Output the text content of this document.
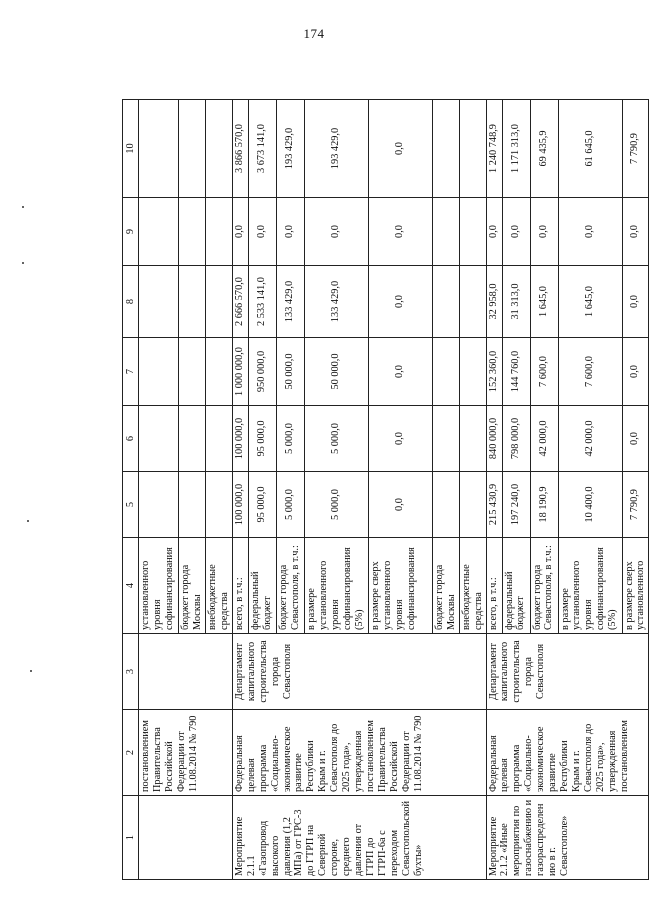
174
1	2	3	4	5	6	7	8	9	10
	постановлением Правительства Российской Федерации от 11.08.2014 № 790		установленного уровня софинансирования						
			бюджет города Москвы						
			внебюджетные средства						
Мероприятие 2.1.1 «Газопровод высокого давления (1,2 МПа) от ГРС-3 до ГТРП на Северной стороне, среднего давления от ГТРП до ГТРП-6а с переходом Севастопольской бухты»	Федеральная целевая программа «Социально-экономическое развитие Республики Крым и г. Севастополя до 2025 года», утвержденная постановлением Правительства Российской Федерации от 11.08.2014 № 790	Департамент капитального строительства города Севастополя	всего, в т.ч.:	100 000,0	100 000,0	1 000 000,0	2 666 570,0	0,0	3 866 570,0
			федеральный бюджет	95 000,0	95 000,0	950 000,0	2 533 141,0	0,0	3 673 141,0
			бюджет города Севастополя, в т.ч.:	5 000,0	5 000,0	50 000,0	133 429,0	0,0	193 429,0
			в размере установленного уровня софинансирования (5%)	5 000,0	5 000,0	50 000,0	133 429,0	0,0	193 429,0
			в размере сверх установленного уровня софинансирования	0,0	0,0	0,0	0,0	0,0	0,0
			бюджет города Москвы						
			внебюджетные средства						
Мероприятие 2.1.2 «Иные мероприятия по газоснабжению и газораспределению в г. Севастополе»	Федеральная целевая программа «Социально-экономическое развитие Республики Крым и г. Севастополя до 2025 года», утвержденная постановлением	Департамент капитального строительства города Севастополя	всего, в т.ч.:	215 430,9	840 000,0	152 360,0	32 958,0	0,0	1 240 748,9
			федеральный бюджет	197 240,0	798 000,0	144 760,0	31 313,0	0,0	1 171 313,0
			бюджет города Севастополя, в т.ч.:	18 190,9	42 000,0	7 600,0	1 645,0	0,0	69 435,9
			в размере установленного уровня софинансирования (5%)	10 400,0	42 000,0	7 600,0	1 645,0	0,0	61 645,0
			в размере сверх установленного	7 790,9	0,0	0,0	0,0	0,0	7 790,9
